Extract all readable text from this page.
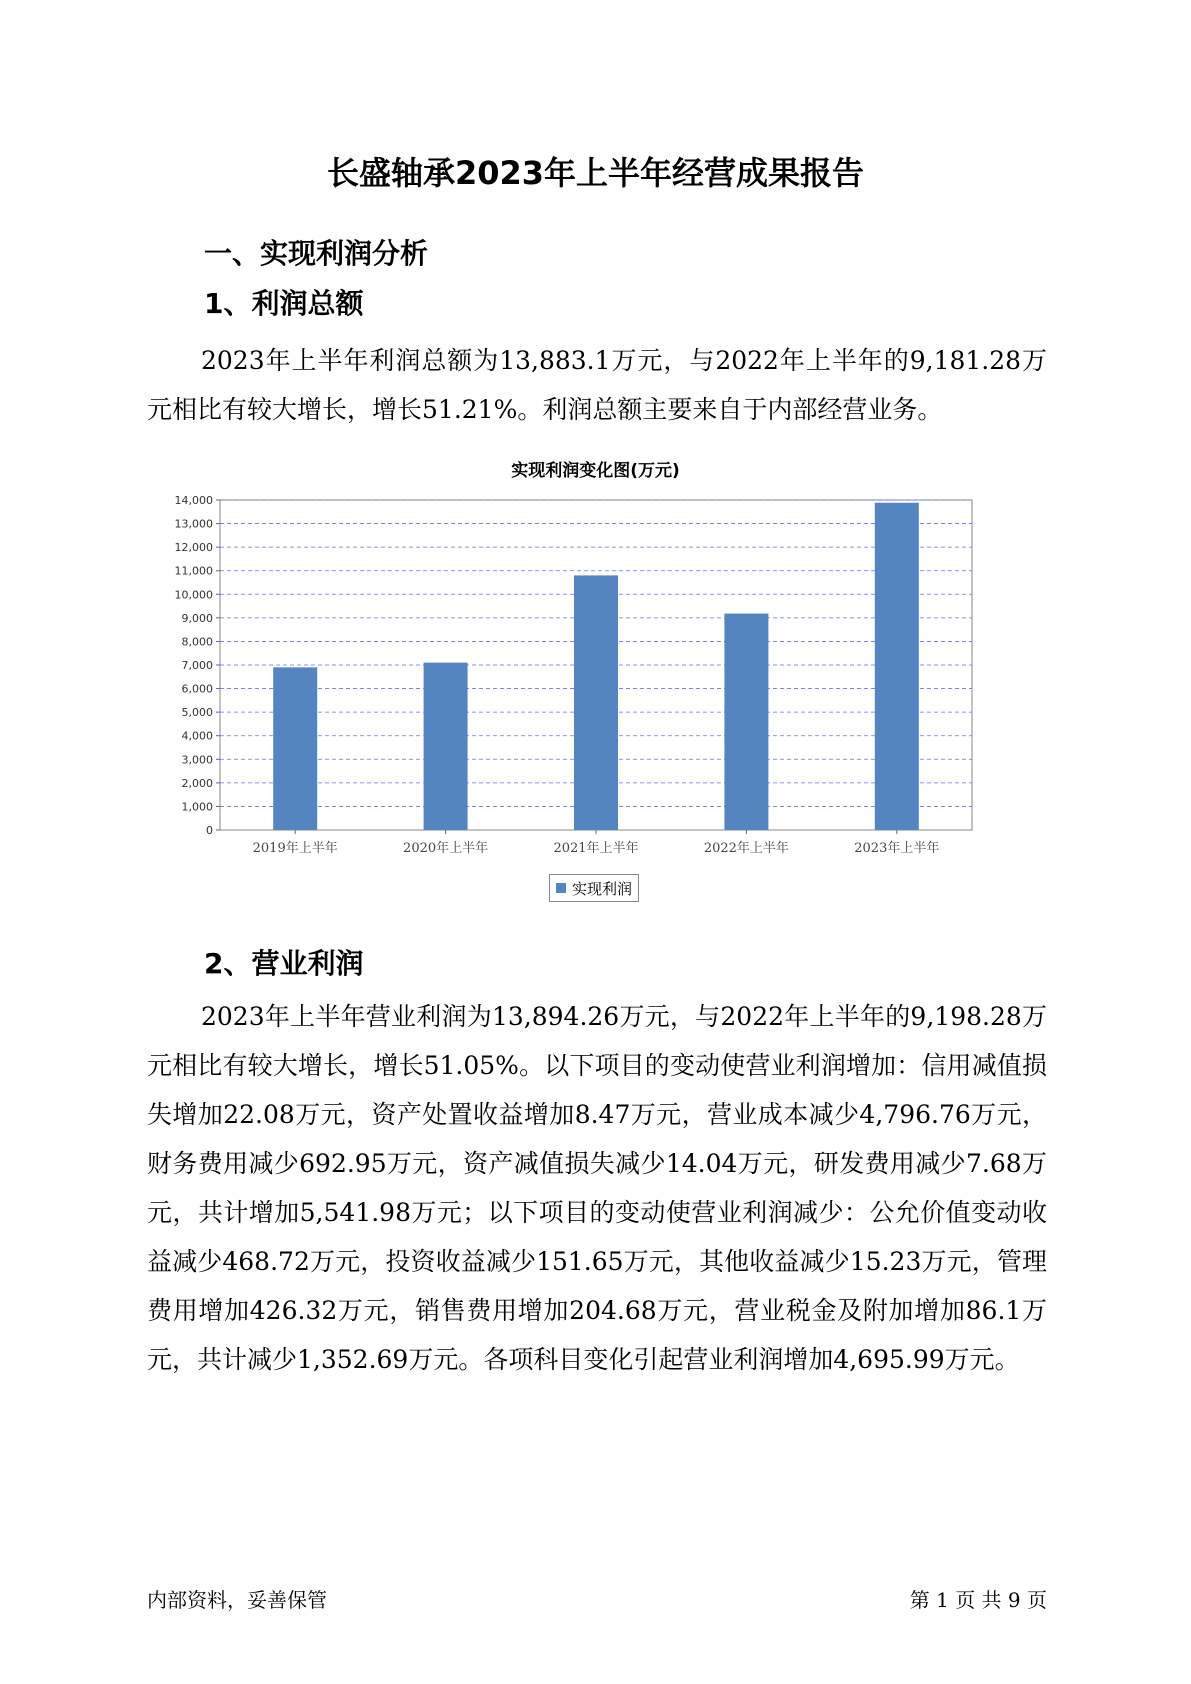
长盛轴承2023年上半年经营成果报告
一、实现利润分析
1、利润总额

2023年上半年利润总额为13,883.1万元，与2022年上半年的9,181.28万元相比有较大增长，增长51.21%。利润总额主要来自于内部经营业务。

实现利润变化图(万元)
0
1,000
2,000
3,000
4,000
5,000
6,000
7,000
8,000
9,000
10,000
11,000
12,000
13,000
14,000
2019年上半年	2020年上半年	2021年上半年	2022年上半年	2023年上半年
实现利润
2、营业利润

2023年上半年营业利润为13,894.26万元，与2022年上半年的9,198.28万元相比有较大增长，增长51.05%。以下项目的变动使营业利润增加：信用减值损失增加22.08万元，资产处置收益增加8.47万元，营业成本减少4,796.76万元，财务费用减少692.95万元，资产减值损失减少14.04万元，研发费用减少7.68万元，共计增加5,541.98万元；以下项目的变动使营业利润减少：公允价值变动收益减少468.72万元，投资收益减少151.65万元，其他收益减少15.23万元，管理费用增加426.32万元，销售费用增加204.68万元，营业税金及附加增加86.1万元，共计减少1,352.69万元。各项科目变化引起营业利润增加4,695.99万元。

内部资料，妥善保管	第 1 页 共 9 页
